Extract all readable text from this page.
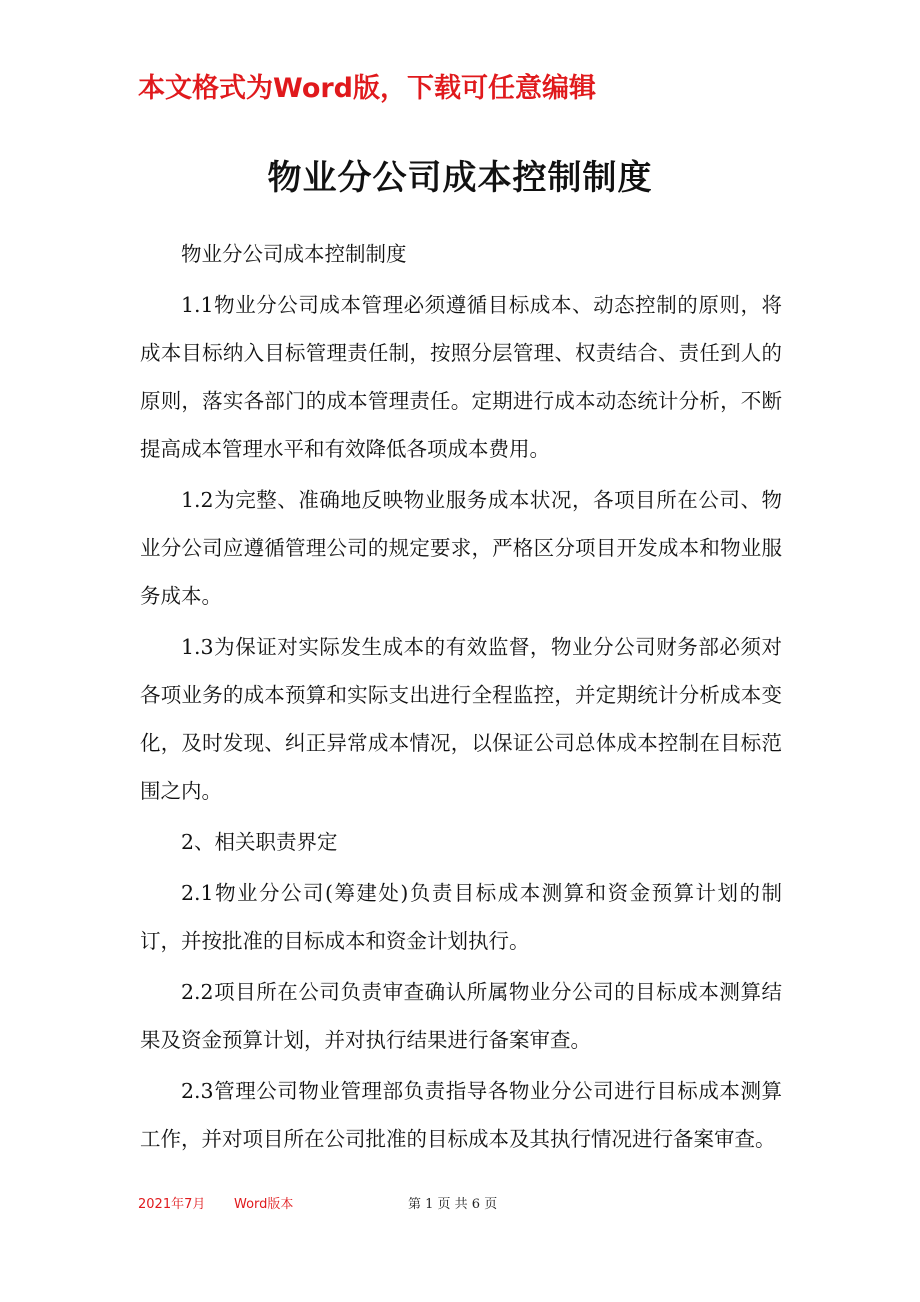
本文格式为Word版，下载可任意编辑
物业分公司成本控制制度

物业分公司成本控制制度

1.1物业分公司成本管理必须遵循目标成本、动态控制的原则，将成本目标纳入目标管理责任制，按照分层管理、权责结合、责任到人的原则，落实各部门的成本管理责任。定期进行成本动态统计分析，不断提高成本管理水平和有效降低各项成本费用。

1.2为完整、准确地反映物业服务成本状况，各项目所在公司、物业分公司应遵循管理公司的规定要求，严格区分项目开发成本和物业服务成本。

1.3为保证对实际发生成本的有效监督，物业分公司财务部必须对各项业务的成本预算和实际支出进行全程监控，并定期统计分析成本变化，及时发现、纠正异常成本情况，以保证公司总体成本控制在目标范围之内。

2、相关职责界定

2.1物业分公司(筹建处)负责目标成本测算和资金预算计划的制订，并按批准的目标成本和资金计划执行。

2.2项目所在公司负责审查确认所属物业分公司的目标成本测算结果及资金预算计划，并对执行结果进行备案审查。

2.3管理公司物业管理部负责指导各物业分公司进行目标成本测算工作，并对项目所在公司批准的目标成本及其执行情况进行备案审查。

2021年7月 Word版本	第 1 页 共 6 页
